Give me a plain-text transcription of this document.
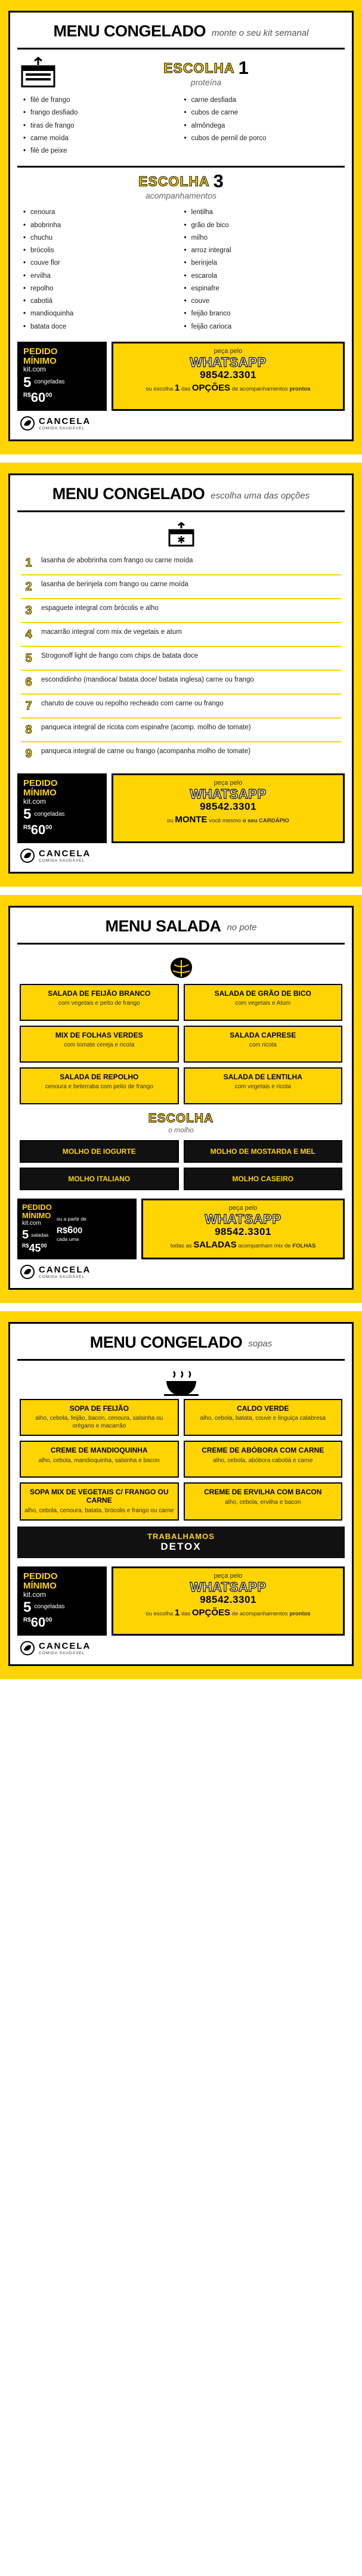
MENU CONGELADO monte o seu kit semanal
ESCOLHA 1
proteína
• filé de frango
• frango desfiado
• tiras de frango
• carne moída
• filé de peixe
• carne desfiada
• cubos de carne
• almôndega
• cubos de pernil de porco
ESCOLHA 3
acompanhamentos
• cenoura
• abobrinha
• chuchu
• brócolis
• couve flor
• ervilha
• repolho
• cabotiá
• mandioquinha
• batata doce
• lentilha
• grão de bico
• milho
• arroz integral
• berinjela
• escarola
• espinafre
• couve
• feijão branco
• feijão carioca
PEDIDO
MÍNIMO
kit.com
5 congeladas
$^{R\$}60^{00}$
peça pelo
WHATSAPP
98542.3301
ou escolha 1 das OPÇÕES de acompanhamentos prontos
CANCELA
COMIDA SAUDÁVEL
MENU CONGELADO escolha uma das opções
1	lasanha de abobrinha com frango ou carne moída
2	lasanha de berinjela com frango ou carne moída
3	espaguete integral com brócolis e alho
4	macarrão integral com mix de vegetais e atum
5	Strogonoff light de frango com chips de batata doce
6	escondidinho (mandioca/ batata doce/ batata inglesa) carne ou frango
7	charuto de couve ou repolho recheado com carne ou frango
8	panqueca integral de ricota com espinafre (acomp. molho de tomate)
9	panqueca integral de carne ou frango (acompanha molho de tomate)
PEDIDO
MÍNIMO
kit.com
5 congeladas
$^{R\$}60^{00}$
peça pelo
WHATSAPP
98542.3301
ou MONTE você mesmo o seu CARDÁPIO
CANCELA
COMIDA SAUDÁVEL
MENU SALADA no pote
SALADA DE FEIJÃO BRANCO
com vegetais e peito de frango
SALADA DE GRÃO DE BICO
com vegetais e Atum
MIX DE FOLHAS VERDES
com tomate cereja e ricota
SALADA CAPRESE
com ricota
SALADA DE REPOLHO
cenoura e beterraba com peito de frango
SALADA DE LENTILHA
com vegetais e ricota
ESCOLHA
o molho
MOLHO DE IOGURTE	MOLHO DE MOSTARDA E MEL
MOLHO ITALIANO	MOLHO CASEIRO
PEDIDO
MÍNIMO
kit.com
5 saladas
$^{R\$}45^{00}$
ou a partir de
R$600
cada uma
peça pelo
WHATSAPP
98542.3301
todas as SALADAS acompanham mix de FOLHAS
CANCELA
COMIDA SAUDÁVEL
MENU CONGELADO sopas
SOPA DE FEIJÃO
alho, cebola, feijão, bacon, cenoura, salsinha ou orégano e macarrão
CALDO VERDE
alho, cebola, batata, couve e linguiça calabresa
CREME DE MANDIOQUINHA
alho, cebola, mandioquinha, salsinha e bacon
CREME DE ABÓBORA COM CARNE
alho, cebola, abóbora cabotiá e carne
SOPA MIX DE VEGETAIS C/ FRANGO OU CARNE
alho, cebola, cenoura, batata, brócolis e frango ou carne
CREME DE ERVILHA COM BACON
alho, cebola, ervilha e bacon
TRABALHAMOS
DETOX
PEDIDO
MÍNIMO
kit.com
5 congeladas
$^{R\$}60^{00}$
peça pelo
WHATSAPP
98542.3301
ou escolha 1 das OPÇÕES de acompanhamentos prontos
CANCELA
COMIDA SAUDÁVEL
